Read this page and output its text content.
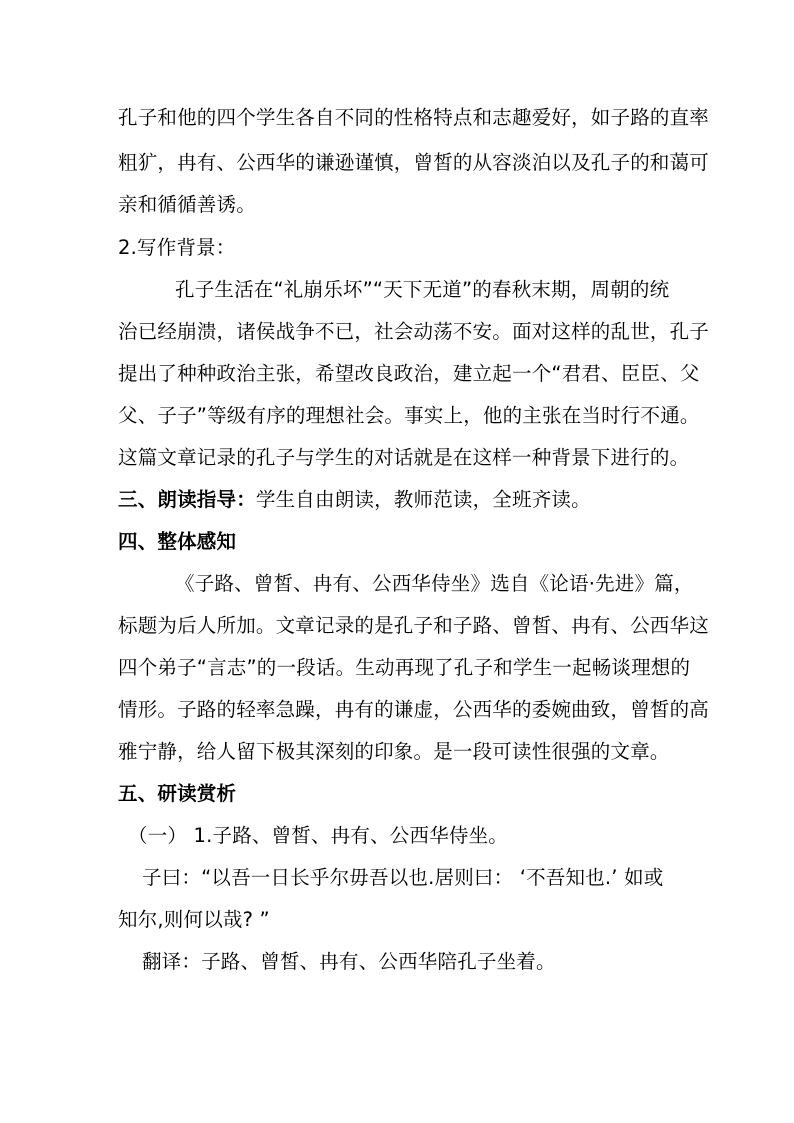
孔子和他的四个学生各自不同的性格特点和志趣爱好，如子路的直率
粗犷，冉有、公西华的谦逊谨慎，曾皙的从容淡泊以及孔子的和蔼可
亲和循循善诱。
2.写作背景：
孔子生活在“礼崩乐坏”“天下无道”的春秋末期，周朝的统
治已经崩溃，诸侯战争不已，社会动荡不安。面对这样的乱世，孔子
提出了种种政治主张，希望改良政治，建立起一个“君君、臣臣、父
父、子子”等级有序的理想社会。事实上，他的主张在当时行不通。
这篇文章记录的孔子与学生的对话就是在这样一种背景下进行的。
三、朗读指导：学生自由朗读，教师范读，全班齐读。
四、整体感知
《子路、曾皙、冉有、公西华侍坐》选自《论语·先进》篇，
标题为后人所加。文章记录的是孔子和子路、曾皙、冉有、公西华这
四个弟子“言志”的一段话。生动再现了孔子和学生一起畅谈理想的
情形。子路的轻率急躁，冉有的谦虚，公西华的委婉曲致，曾皙的高
雅宁静，给人留下极其深刻的印象。是一段可读性很强的文章。
五、研读赏析
（一） 1.子路、曾皙、冉有、公西华侍坐。
子曰：“以吾一日长乎尔毋吾以也.居则曰： ‘不吾知也.’ 如或
知尔,则何以哉? ”
翻译：子路、曾皙、冉有、公西华陪孔子坐着。
